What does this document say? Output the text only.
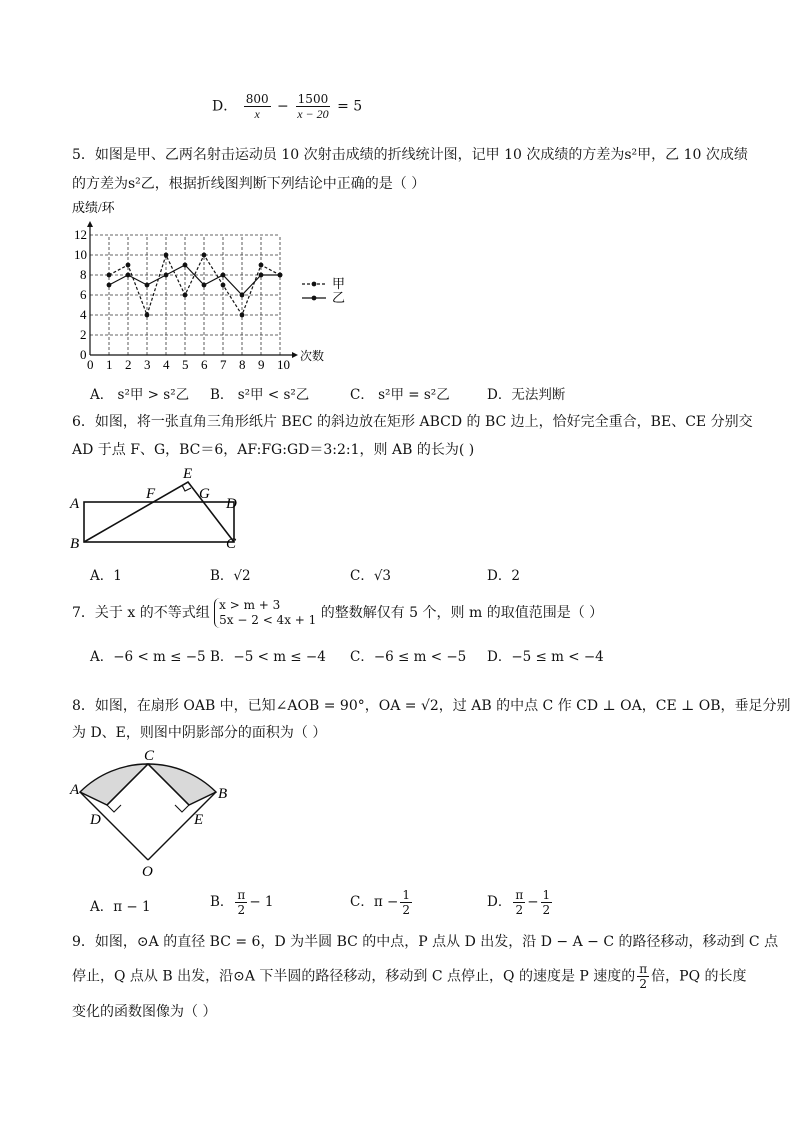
D． $\frac{800}{x} - \frac{1500}{x - 20} = 5$
5．如图是甲、乙两名射击运动员 10 次射击成绩的折线统计图，记甲 10 次成绩的方差为s²甲，乙 10 次成绩
的方差为s²乙，根据折线图判断下列结论中正确的是（ ）
成绩/环
0 1 2 3 4 5 6 7 8 9 10
0
2
4
6
8
10
12
次数
甲
乙
A． s²甲 > s²乙 B． s²甲 < s²乙	C． s²甲 = s²乙	D．无法判断
6．如图，将一张直角三角形纸片 BEC 的斜边放在矩形 ABCD 的 BC 边上，恰好完全重合，BE、CE 分别交
AD 于点 F、G，BC＝6，AF:FG:GD＝3:2:1，则 AB 的长为( )
A
B	C
D
E
F	G
A．1	B．√2	C．√3	D．2
7．关于 x 的不等式组 x > m + 3
5x − 2 < 4x + 1 的整数解仅有 5 个，则 m 的取值范围是（ ）
A．−6 < m ≤ −5 B．−5 < m ≤ −4 C．−6 ≤ m < −5 D．−5 ≤ m < −4
8．如图，在扇形 OAB 中，已知∠AOB = 90°，OA = √2，过 AB 的中点 C 作 CD ⊥ OA，CE ⊥ OB，垂足分别
为 D、E，则图中阴影部分的面积为（ ）
A	B
C
D	E
O
A．π − 1	B． $\frac{\pi}{2} - 1$	C．$\pi - \frac{1}{2}$	D． $\frac{\pi}{2} - \frac{1}{2}$
9．如图，⊙A 的直径 BC = 6，D 为半圆 BC 的中点，P 点从 D 出发，沿 D − A − C 的路径移动，移动到 C 点
停止，Q 点从 B 出发，沿⊙A 下半圆的路径移动，移动到 C 点停止，Q 的速度是 P 速度的 $\frac{\pi}{2}$ 倍，PQ 的长度
变化的函数图像为（ ）
